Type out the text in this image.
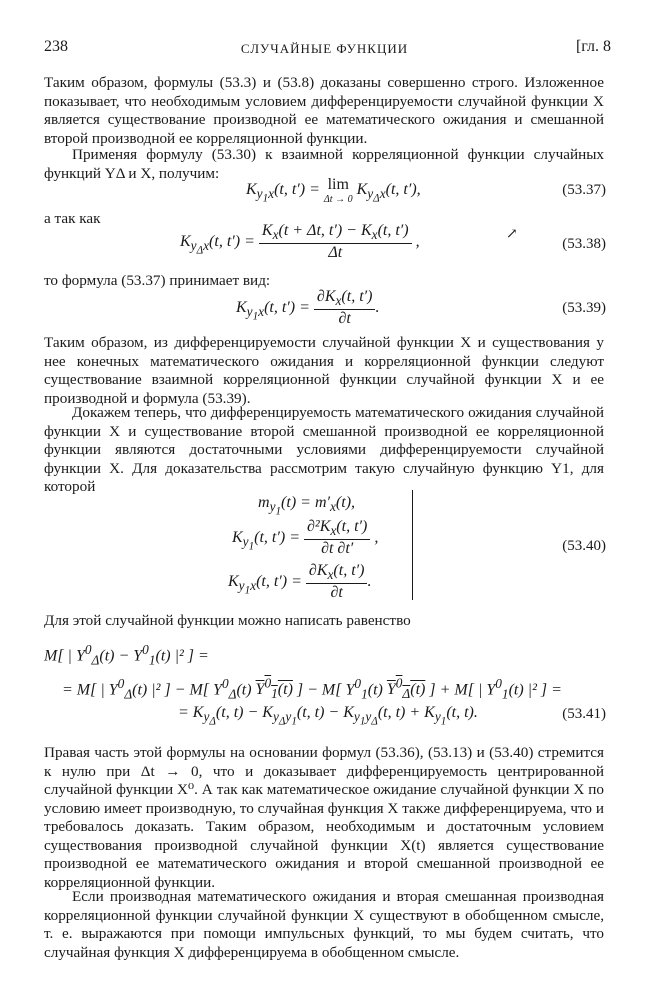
238	СЛУЧАЙНЫЕ ФУНКЦИИ	[гл. 8

Таким образом, формулы (53.3) и (53.8) доказаны совершенно строго. Изложенное показывает, что необходимым условием дифференцируемости случайной функции X является существование производной ее математического ожидания и смешанной второй производной ее корреляционной функции.

Применяя формулу (53.30) к взаимной корреляционной функции случайных функций YΔ и X, получим:

$K_{y_1x}(t$, t′) = lim
Δt → 0
$K_{y_\Delta x}(t$, t′),	(53.37)
а так как
$K_{y_\Delta x}(t$, $t') = \frac{K_x(t + \Delta t, t') - K_x(t, t')}{\Delta t}$ ,	↗
(53.38)
то формула (53.37) принимает вид:
$K_{y_1x}(t$, $t') = \frac{\partial K_x(t, t')}{\partial t}$ .	(53.39)

Таким образом, из дифференцируемости случайной функции X и существования у нее конечных математического ожидания и корреляционной функции следуют существование взаимной корреляционной функции случайной функции X и ее производной и формула (53.39).

Докажем теперь, что дифференцируемость математического ожидания случайной функции X и существование второй смешанной производной ее корреляционной функции являются достаточными условиями дифференцируемости случайной функции X. Для доказательства рассмотрим такую случайную функцию Y1, для которой

$m_{y_1}(t) = m'_x(t)$,
$K_{y_1}(t$, $t') = \frac{\partial^2K_x(t, t')}{\partial t \partial t'}$ ,
$K_{y_1x}(t$, $t') = \frac{\partial K_x(t, t')}{\partial t}$ .
(53.40)
Для этой случайной функции можно написать равенство
M[ | $Y^0_\Delta(t) - Y^0_1(t)$ |² ] =
= M[ | $Y^0_\Delta(t)$ |² ] − M[ $Y^0_\Delta(t)$ $Y^0_1(t)$ ] − M[ $Y^0_1(t)$ $Y^0_\Delta(t)$ ] + M[ | $Y^0_1(t)$ |² ] =
= $K_{y_\Delta}(t$, $t) - K_{y_\Delta y_1}(t$, $t) - K_{y_1y_\Delta}(t$, $t) + K_{y_1}(t$, t).	(53.41)

Правая часть этой формулы на основании формул (53.36), (53.13) и (53.40) стремится к нулю при Δt → 0, что и доказывает дифференцируемость центрированной случайной функции X⁰. А так как математическое ожидание случайной функции X по условию имеет производную, то случайная функция X также дифференцируема, что и требовалось доказать. Таким образом, необходимым и достаточным условием существования производной случайной функции X(t) является существование производной ее математического ожидания и второй смешанной производной ее корреляционной функции.

Если производная математического ожидания и вторая смешанная производная корреляционной функции случайной функции X существуют в обобщенном смысле, т. е. выражаются при помощи импульсных функций, то мы будем считать, что случайная функция X дифференцируема в обобщенном смысле.
